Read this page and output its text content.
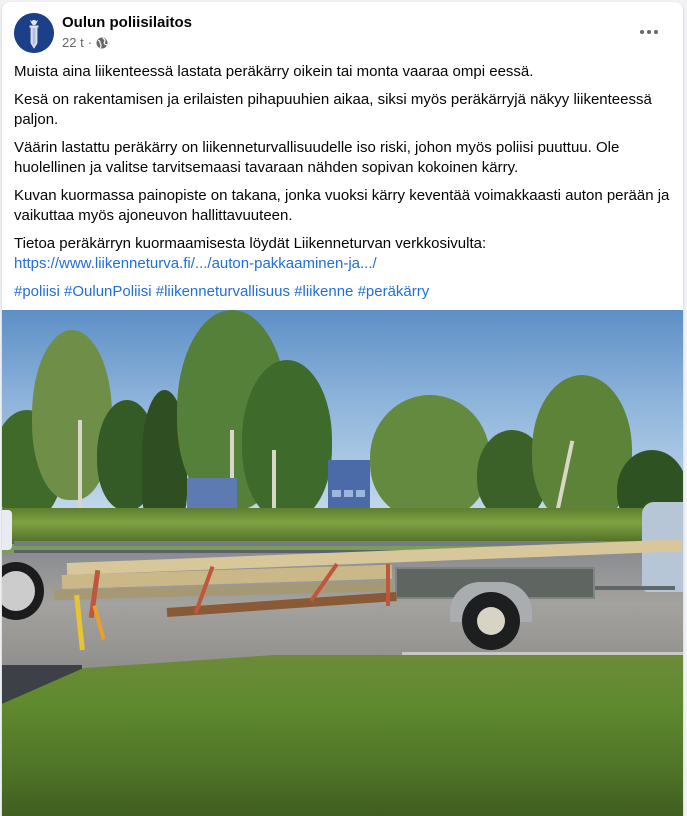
Oulun poliisilaitos
22 t ·

Muista aina liikenteessä lastata peräkärry oikein tai monta vaaraa ompi eessä.

Kesä on rakentamisen ja erilaisten pihapuuhien aikaa, siksi myös peräkärryjä näkyy liikenteessä paljon.

Väärin lastattu peräkärry on liikenneturvallisuudelle iso riski, johon myös poliisi puuttuu. Ole huolellinen ja valitse tarvitsemaasi tavaraan nähden sopivan kokoinen kärry.

Kuvan kuormassa painopiste on takana, jonka vuoksi kärry keventää voimakkaasti auton perään ja vaikuttaa myös ajoneuvon hallittavuuteen.

Tietoa peräkärryn kuormaamisesta löydät Liikenneturvan verkkosivulta:
https://www.liikenneturva.fi/.../auton-pakkaaminen-ja.../

#poliisi #OulunPoliisi #liikenneturvallisuus #liikenne #peräkärry
